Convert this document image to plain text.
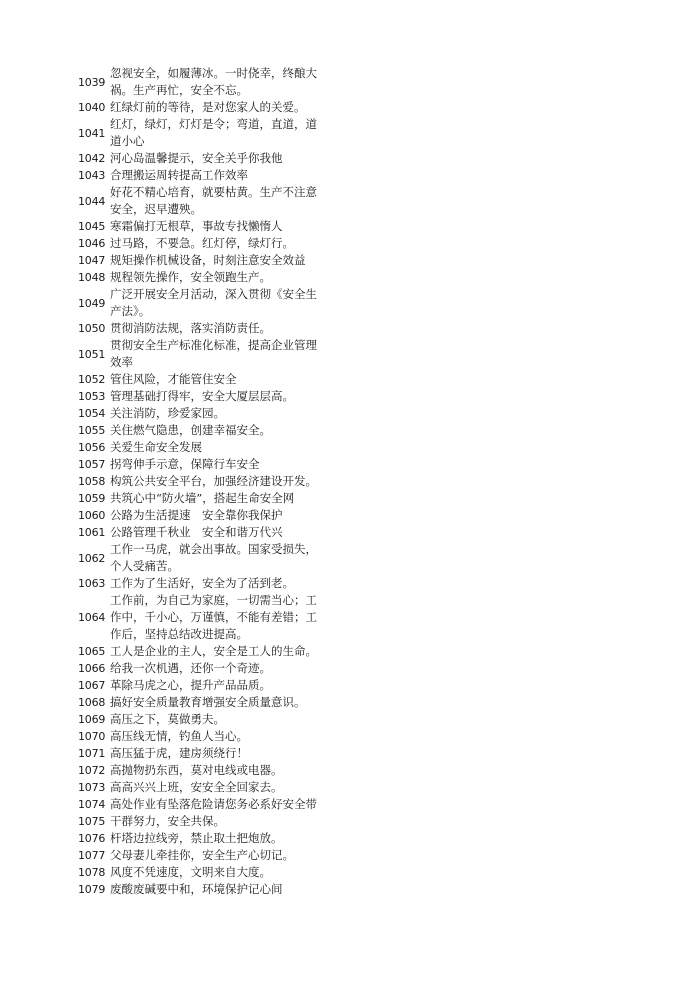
1039
忽视安全，如履薄冰。一时侥幸，终酿大祸。生产再忙，安全不忘。
1040 红绿灯前的等待，是对您家人的关爱。
1041
红灯，绿灯，灯灯是令；弯道，直道，道道小心
1042 河心岛温馨提示，安全关乎你我他
1043 合理搬运周转提高工作效率
1044
好花不精心培育，就要枯黄。生产不注意安全，迟早遭殃。
1045 寒霜偏打无根草，事故专找懒惰人
1046 过马路，不要急。红灯停，绿灯行。
1047 规矩操作机械设备，时刻注意安全效益
1048 规程领先操作，安全领跑生产。
1049
广泛开展安全月活动，深入贯彻《安全生产法》。
1050 贯彻消防法规，落实消防责任。
1051
贯彻安全生产标准化标准，提高企业管理效率
1052 管住风险，才能管住安全
1053 管理基础打得牢，安全大厦层层高。
1054 关注消防，珍爱家园。
1055 关住燃气隐患，创建幸福安全。
1056 关爱生命安全发展
1057 拐弯伸手示意，保障行车安全
1058 构筑公共安全平台，加强经济建设开发。
1059 共筑心中“防火墙”，搭起生命安全网
1060 公路为生活提速　安全靠你我保护
1061 公路管理千秋业　安全和谐万代兴
1062
工作一马虎，就会出事故。国家受损失，个人受痛苦。
1063 工作为了生活好，安全为了活到老。
1064
工作前，为自己为家庭，一切需当心；工作中，千小心，万谨慎，不能有差错；工作后，坚持总结改进提高。
1065 工人是企业的主人，安全是工人的生命。
1066 给我一次机遇，还你一个奇迹。
1067 革除马虎之心，提升产品品质。
1068 搞好安全质量教育增强安全质量意识。
1069 高压之下，莫做勇夫。
1070 高压线无情，钓鱼人当心。
1071 高压猛于虎，建房须绕行！
1072 高抛物扔东西，莫对电线或电器。
1073 高高兴兴上班，安安全全回家去。
1074 高处作业有坠落危险请您务必系好安全带
1075 干群努力，安全共保。
1076 杆塔边拉线旁，禁止取土把炮放。
1077 父母妻儿牵挂你，安全生产心切记。
1078 风度不凭速度，文明来自大度。
1079 废酸废碱要中和，环境保护记心间
